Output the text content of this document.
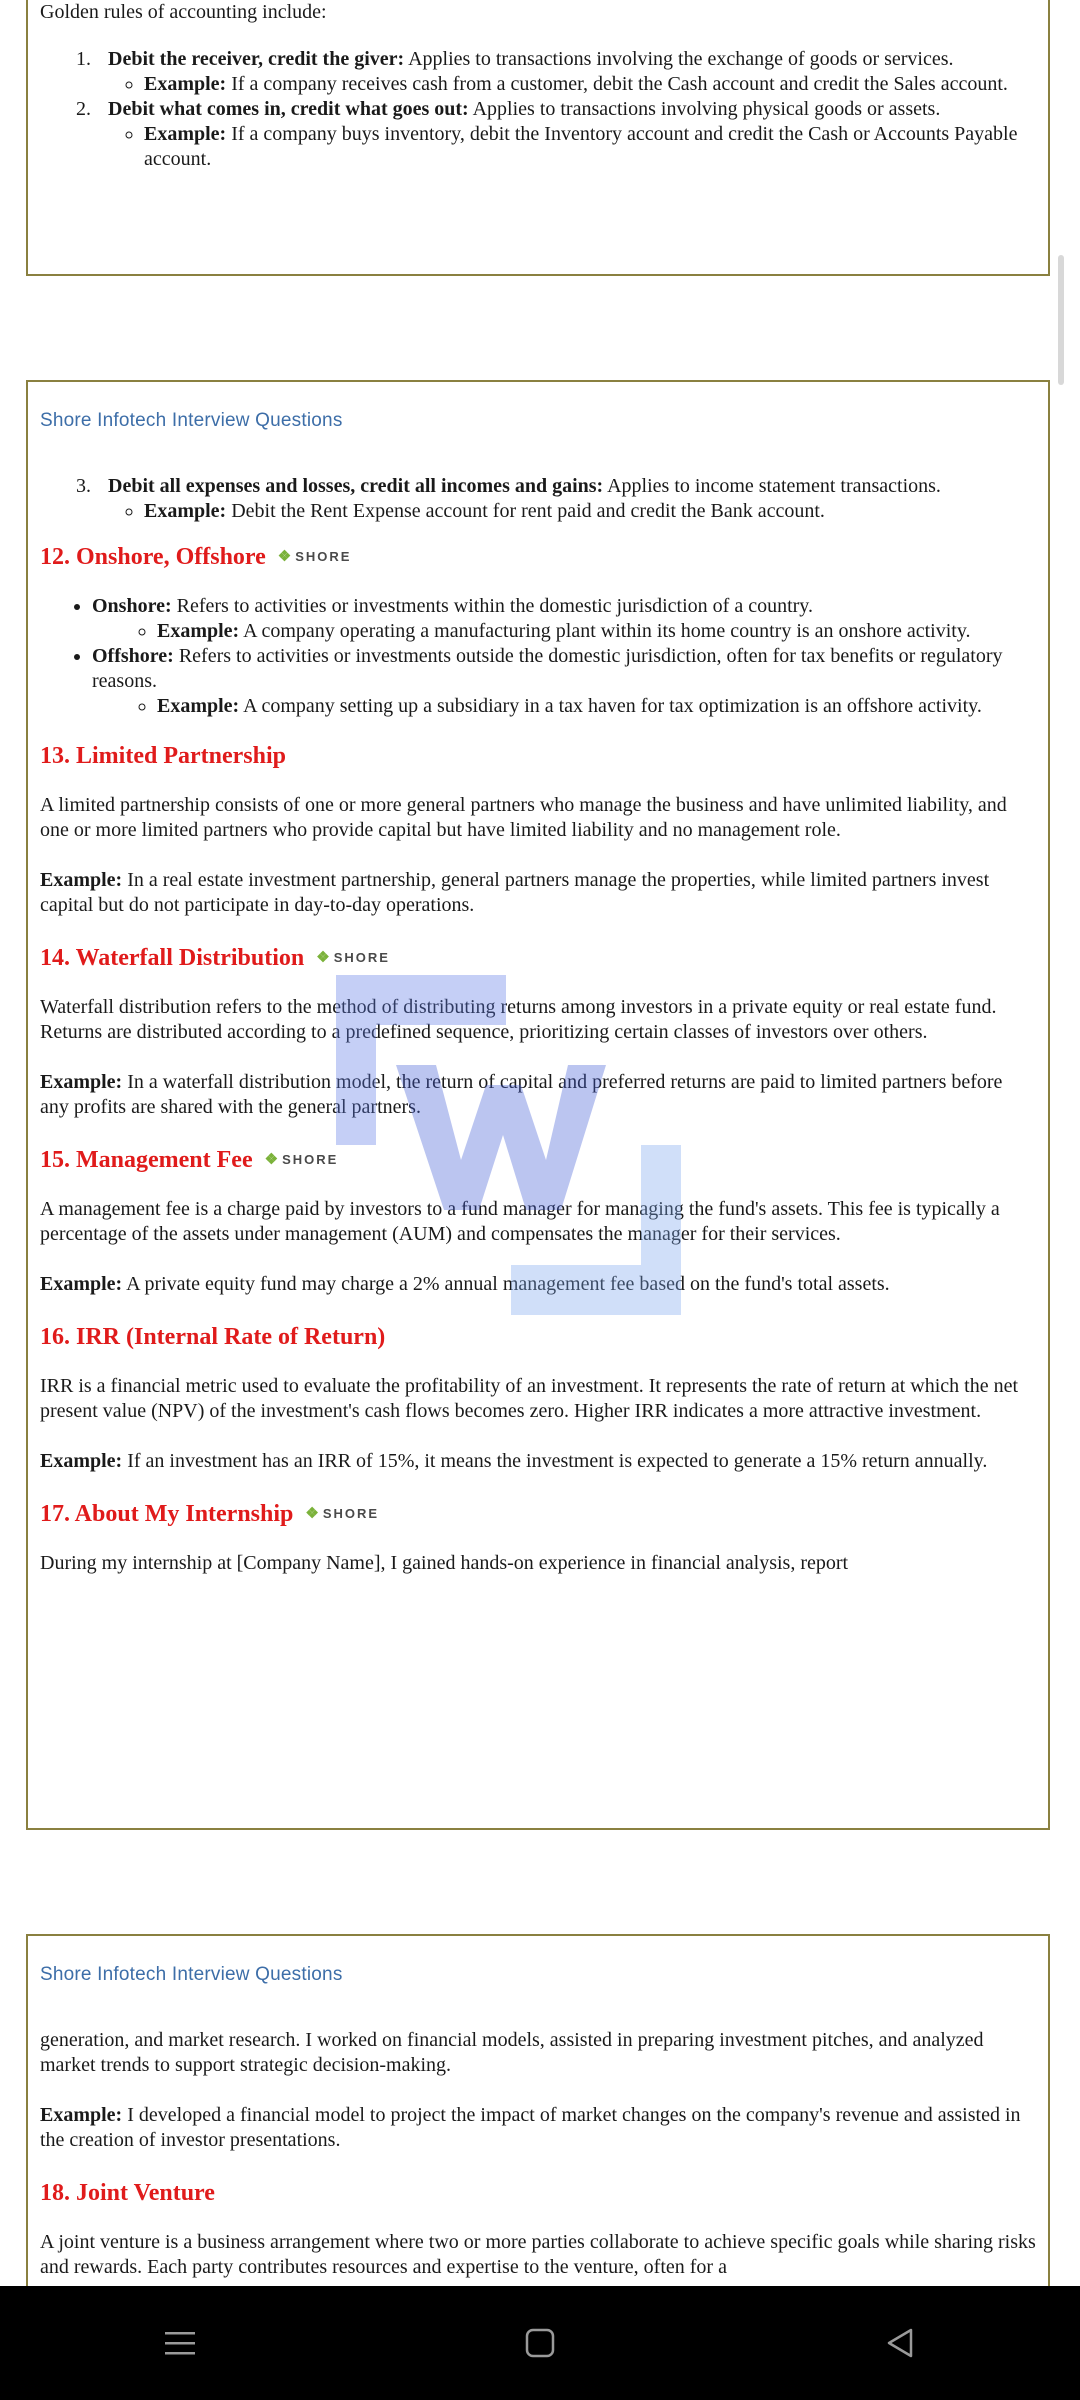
Golden rules of accounting include:

1. Debit the receiver, credit the giver: Applies to transactions involving the exchange of goods or services.
◦ Example: If a company receives cash from a customer, debit the Cash account and credit the Sales account.
2. Debit what comes in, credit what goes out: Applies to transactions involving physical goods or assets.
◦ Example: If a company buys inventory, debit the Inventory account and credit the Cash or Accounts Payable account.
Shore Infotech Interview Questions
3. Debit all expenses and losses, credit all incomes and gains: Applies to income statement transactions.
◦ Example: Debit the Rent Expense account for rent paid and credit the Bank account.
12. Onshore, Offshore ❖ SHORE
• Onshore: Refers to activities or investments within the domestic jurisdiction of a country.
◦ Example: A company operating a manufacturing plant within its home country is an onshore activity.
• Offshore: Refers to activities or investments outside the domestic jurisdiction, often for tax benefits or regulatory reasons.
◦ Example: A company setting up a subsidiary in a tax haven for tax optimization is an offshore activity.
13. Limited Partnership

A limited partnership consists of one or more general partners who manage the business and have unlimited liability, and one or more limited partners who provide capital but have limited liability and no management role.

Example: In a real estate investment partnership, general partners manage the properties, while limited partners invest capital but do not participate in day-to-day operations.

14. Waterfall Distribution ❖ SHORE

Waterfall distribution refers to the method of distributing returns among investors in a private equity or real estate fund. Returns are distributed according to a predefined sequence, prioritizing certain classes of investors over others.

Example: In a waterfall distribution model, the return of capital and preferred returns are paid to limited partners before any profits are shared with the general partners.

15. Management Fee ❖ SHORE

A management fee is a charge paid by investors to a fund manager for managing the fund's assets. This fee is typically a percentage of the assets under management (AUM) and compensates the manager for their services.

Example: A private equity fund may charge a 2% annual management fee based on the fund's total assets.

16. IRR (Internal Rate of Return)

IRR is a financial metric used to evaluate the profitability of an investment. It represents the rate of return at which the net present value (NPV) of the investment's cash flows becomes zero. Higher IRR indicates a more attractive investment.

Example: If an investment has an IRR of 15%, it means the investment is expected to generate a 15% return annually.

17. About My Internship ❖ SHORE

During my internship at [Company Name], I gained hands-on experience in financial analysis, report

Shore Infotech Interview Questions

generation, and market research. I worked on financial models, assisted in preparing investment pitches, and analyzed market trends to support strategic decision-making.

Example: I developed a financial model to project the impact of market changes on the company's revenue and assisted in the creation of investor presentations.

18. Joint Venture

A joint venture is a business arrangement where two or more parties collaborate to achieve specific goals while sharing risks and rewards. Each party contributes resources and expertise to the venture, often for a
